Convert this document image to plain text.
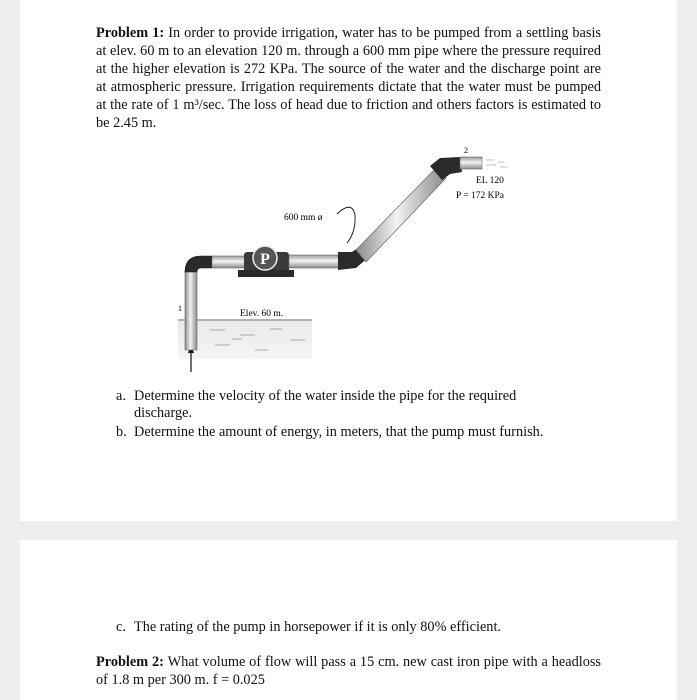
Problem 1: In order to provide irrigation, water has to be pumped from a settling basis at elev. 60 m to an elevation 120 m. through a 600 mm pipe where the pressure required at the higher elevation is 272 KPa. The source of the water and the discharge point are at atmospheric pressure. Irrigation requirements dictate that the water must be pumped at the rate of 1 m³/sec. The loss of head due to friction and others factors is estimated to be 2.45 m.
1
P
2
EL 120
P = 172 KPa
600 mm ø
Elev. 60 m.
a. Determine the velocity of the water inside the pipe for the required
discharge.
b. Determine the amount of energy, in meters, that the pump must furnish.
c. The rating of the pump in horsepower if it is only 80% efficient.
Problem 2: What volume of flow will pass a 15 cm. new cast iron pipe with a headloss of 1.8 m per 300 m. f = 0.025
